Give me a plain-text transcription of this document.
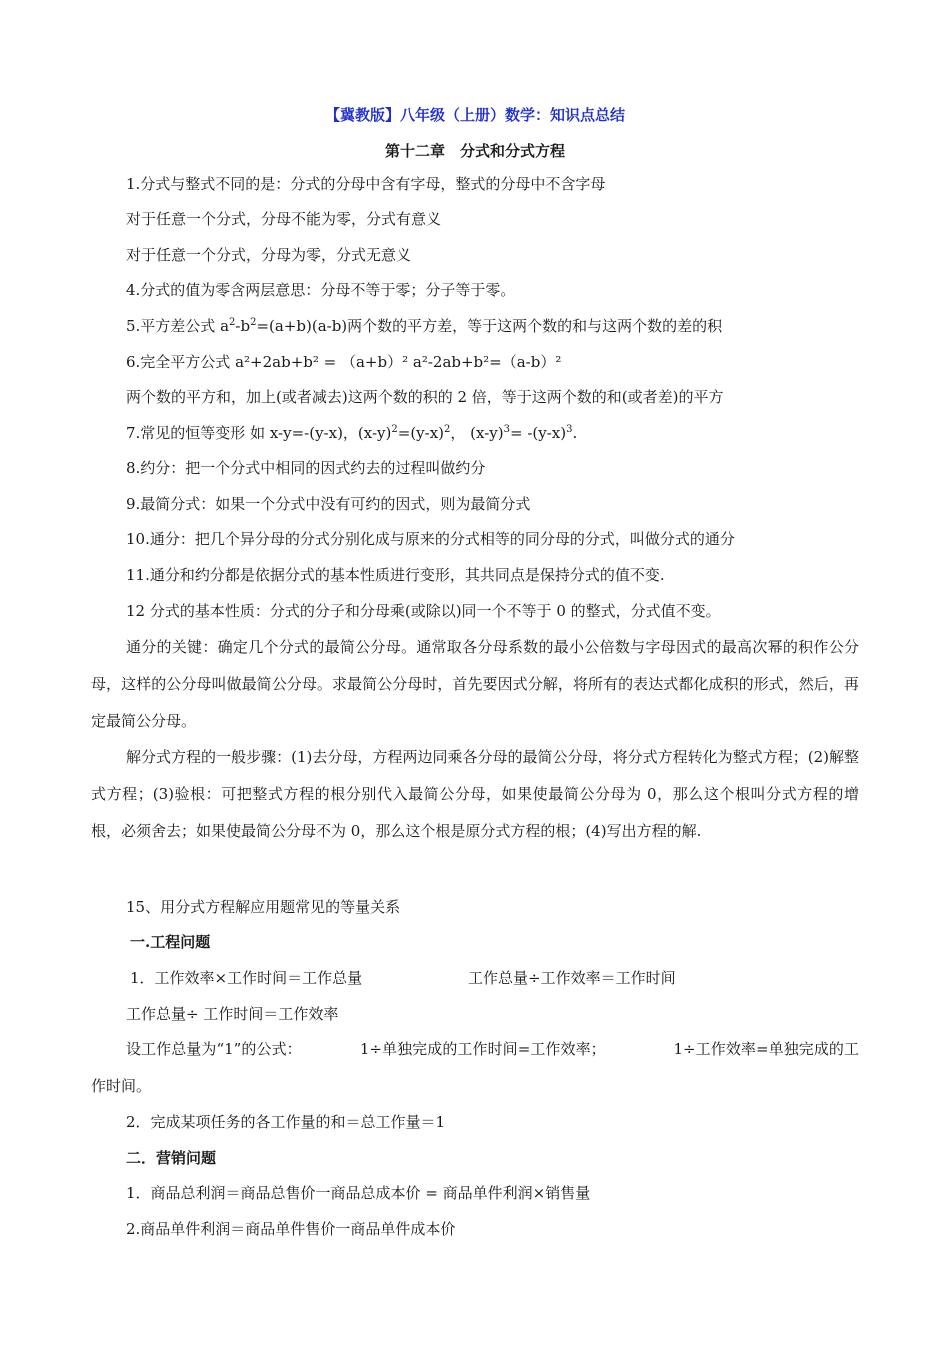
【冀教版】八年级（上册）数学：知识点总结
第十二章　分式和分式方程
1.分式与整式不同的是：分式的分母中含有字母，整式的分母中不含字母
对于任意一个分式，分母不能为零，分式有意义
对于任意一个分式，分母为零，分式无意义
4.分式的值为零含两层意思：分母不等于零；分子等于零。
5.平方差公式 $a^2-b^2=(a+b)(a-b)$两个数的平方差，等于这两个数的和与这两个数的差的积
6.完全平方公式 a²+2ab+b² = （a+b）² a²-2ab+b²=（a-b）²
两个数的平方和，加上(或者减去)这两个数的积的 2 倍，等于这两个数的和(或者差)的平方
7.常见的恒等变形 如 x-y=-(y-x)，$(x-y)^2=(y-x)^2$， $(x-y)^3= -(y-x)^3$.
8.约分：把一个分式中相同的因式约去的过程叫做约分
9.最简分式：如果一个分式中没有可约的因式，则为最简分式
10.通分：把几个异分母的分式分别化成与原来的分式相等的同分母的分式，叫做分式的通分
11.通分和约分都是依据分式的基本性质进行变形，其共同点是保持分式的值不变.
12 分式的基本性质：分式的分子和分母乘(或除以)同一个不等于 0 的整式，分式值不变。

通分的关键：确定几个分式的最简公分母。通常取各分母系数的最小公倍数与字母因式的最高次幂的积作公分母，这样的公分母叫做最简公分母。求最简公分母时，首先要因式分解，将所有的表达式都化成积的形式，然后，再定最简公分母。

解分式方程的一般步骤：(1)去分母，方程两边同乘各分母的最简公分母，将分式方程转化为整式方程；(2)解整式方程；(3)验根：可把整式方程的根分别代入最简公分母，如果使最简公分母为 0，那么这个根叫分式方程的增根，必须舍去；如果使最简公分母不为 0，那么这个根是原分式方程的根；(4)写出方程的解.

15、用分式方程解应用题常见的等量关系
一.工程问题
1．工作效率×工作时间＝工作总量	工作总量÷工作效率＝工作时间
工作总量÷ 工作时间＝工作效率

设工作总量为“1”的公式：            1÷单独完成的工作时间=工作效率；              1÷工作效率=单独完成的工作时间。

2．完成某项任务的各工作量的和＝总工作量＝1
二．营销问题
1．商品总利润＝商品总售价一商品总成本价 = 商品单件利润×销售量
2.商品单件利润＝商品单件售价一商品单件成本价
